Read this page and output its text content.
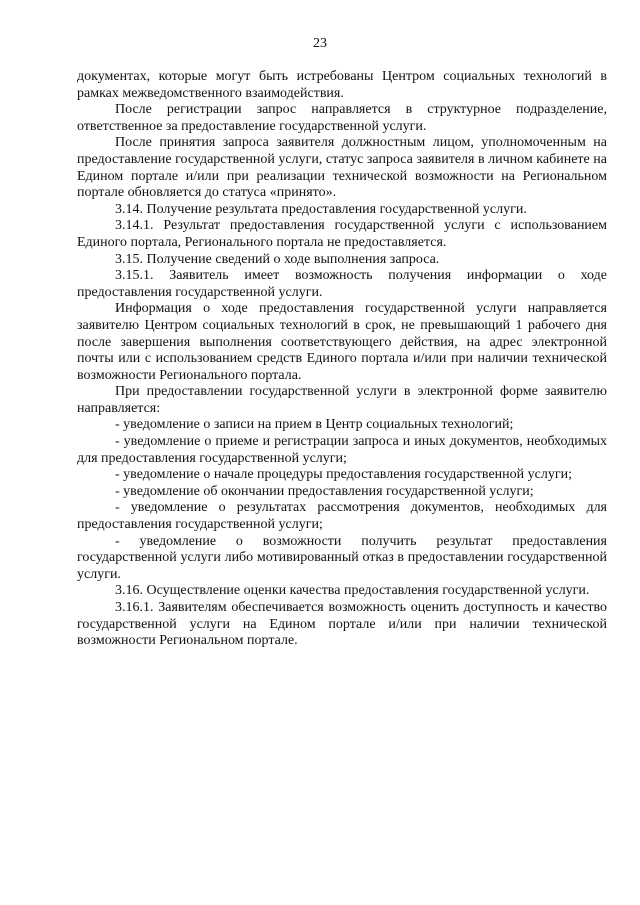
23

документах, которые могут быть истребованы Центром социальных технологий в рамках межведомственного взаимодействия.

После регистрации запрос направляется в структурное подразделение, ответственное за предоставление государственной услуги.

После принятия запроса заявителя должностным лицом, уполномоченным на предоставление государственной услуги, статус запроса заявителя в личном кабинете на Едином портале и/или при реализации технической возможности на Региональном портале обновляется до статуса «принято».

3.14. Получение результата предоставления государственной услуги.

3.14.1. Результат предоставления государственной услуги с использованием Единого портала, Регионального портала не предоставляется.

3.15. Получение сведений о ходе выполнения запроса.

3.15.1. Заявитель имеет возможность получения информации о ходе предоставления государственной услуги.

Информация о ходе предоставления государственной услуги направляется заявителю Центром социальных технологий в срок, не превышающий 1 рабочего дня после завершения выполнения соответствующего действия, на адрес электронной почты или с использованием средств Единого портала и/или при наличии технической возможности Регионального портала.

При предоставлении государственной услуги в электронной форме заявителю направляется:

- уведомление о записи на прием в Центр социальных технологий;

- уведомление о приеме и регистрации запроса и иных документов, необходимых для предоставления государственной услуги;

- уведомление о начале процедуры предоставления государственной услуги;

- уведомление об окончании предоставления государственной услуги;

- уведомление о результатах рассмотрения документов, необходимых для предоставления государственной услуги;

- уведомление о возможности получить результат предоставления государственной услуги либо мотивированный отказ в предоставлении государственной услуги.

3.16. Осуществление оценки качества предоставления государственной услуги.

3.16.1. Заявителям обеспечивается возможность оценить доступность и качество государственной услуги на Едином портале и/или при наличии технической возможности Региональном портале.
